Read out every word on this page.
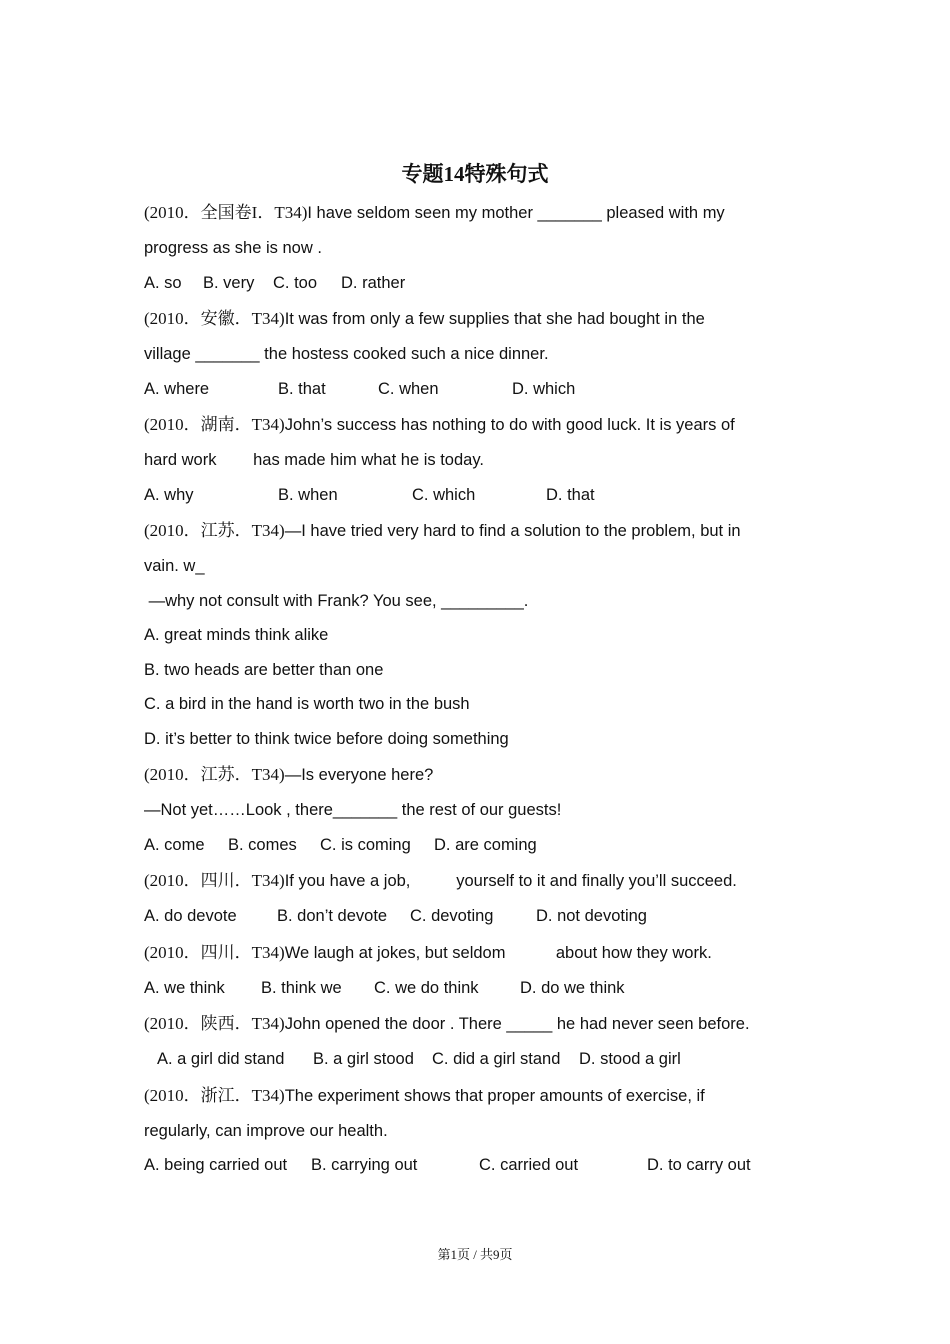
专题14特殊句式
(2010．全国卷I．T34)I have seldom seen my mother _______ pleased with my
progress as she is now .
A. so B. very C. too D. rather
(2010．安徽．T34)It was from only a few supplies that she had bought in the
village _______ the hostess cooked such a nice dinner.
A. where	B. that	C. when	D. which
(2010．湖南．T34)John’s success has nothing to do with good luck. It is years of
hard work        has made him what he is today.
A. why	B. when	C. which	D. that
(2010．江苏．T34)—I have tried very hard to find a solution to the problem, but in
vain. w_
—why not consult with Frank? You see, _________.
A. great minds think alike
B. two heads are better than one
C. a bird in the hand is worth two in the bush
D. it’s better to think twice before doing something
(2010．江苏．T34)—Is everyone here?
—Not yet……Look , there_______ the rest of our guests!
A. come B. comes C. is coming D. are coming
(2010．四川．T34)If you have a job,          yourself to it and finally you’ll succeed.
A. do devote B. don’t devote C. devoting	D. not devoting
(2010．四川．T34)We laugh at jokes, but seldom           about how they work.
A. we think B. think we C. we do think	D. do we think
(2010．陕西．T34)John opened the door . There _____ he had never seen before.
A. a girl did stand B. a girl stood C. did a girl stand D. stood a girl
(2010．浙江．T34)The experiment shows that proper amounts of exercise, if
regularly, can improve our health.
A. being carried out B. carrying out	C. carried out	D. to carry out
第1页 / 共9页
